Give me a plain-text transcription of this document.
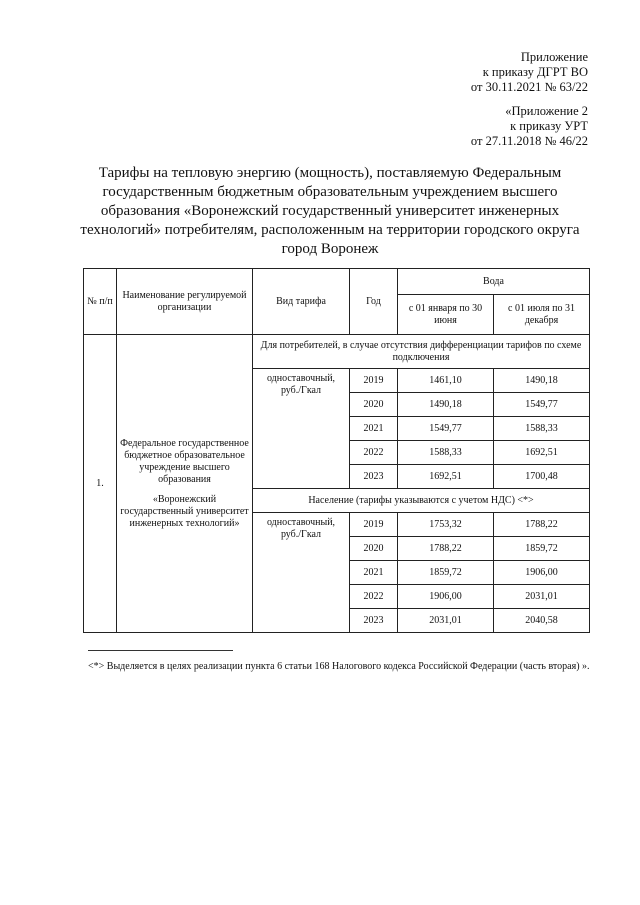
Приложение
к приказу ДГРТ ВО
от 30.11.2021 № 63/22
«Приложение 2
к приказу УРТ
от 27.11.2018 № 46/22
Тарифы на тепловую энергию (мощность), поставляемую Федеральным государственным бюджетным образовательным учреждением высшего образования «Воронежский государственный университет инженерных технологий» потребителям, расположенным на территории городского округа город Воронеж
№ п/п	Наименование регулируемой организации	Вид тарифа	Год	Вода	
				с 01 января по 30 июня	с 01 июля по 31 декабря
1.	Федеральное государственное бюджетное образовательное учреждение высшего образования
«Воронежский государственный университет инженерных технологий»	Для потребителей, в случае отсутствия дифференциации тарифов по схеме подключения			
		одноставочный, руб./Гкал	2019	1461,10	1490,18
			2020	1490,18	1549,77
			2021	1549,77	1588,33
			2022	1588,33	1692,51
			2023	1692,51	1700,48
		Население (тарифы указываются с учетом НДС) <*>			
		одноставочный, руб./Гкал	2019	1753,32	1788,22
			2020	1788,22	1859,72
			2021	1859,72	1906,00
			2022	1906,00	2031,01
			2023	2031,01	2040,58
<*> Выделяется в целях реализации пункта 6 статьи 168 Налогового кодекса Российской Федерации (часть вторая) ».
